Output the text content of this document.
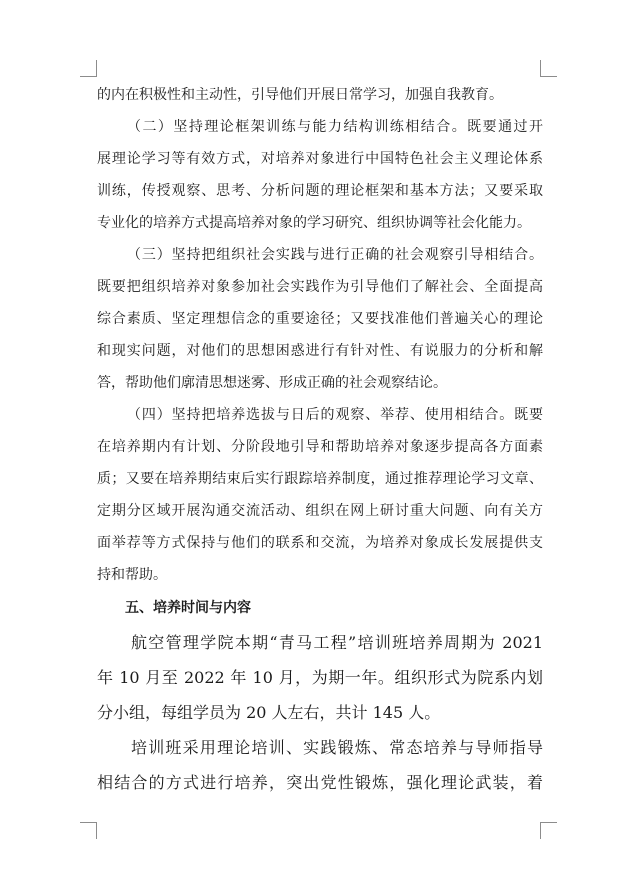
的内在积极性和主动性，引导他们开展日常学习，加强自我教育。
（二）坚持理论框架训练与能力结构训练相结合。既要通过开
展理论学习等有效方式，对培养对象进行中国特色社会主义理论体系
训练，传授观察、思考、分析问题的理论框架和基本方法；又要采取
专业化的培养方式提高培养对象的学习研究、组织协调等社会化能力。
（三）坚持把组织社会实践与进行正确的社会观察引导相结合。
既要把组织培养对象参加社会实践作为引导他们了解社会、全面提高
综合素质、坚定理想信念的重要途径；又要找准他们普遍关心的理论
和现实问题，对他们的思想困惑进行有针对性、有说服力的分析和解
答，帮助他们廓清思想迷雾、形成正确的社会观察结论。
（四）坚持把培养选拔与日后的观察、举荐、使用相结合。既要
在培养期内有计划、分阶段地引导和帮助培养对象逐步提高各方面素
质；又要在培养期结束后实行跟踪培养制度，通过推荐理论学习文章、
定期分区域开展沟通交流活动、组织在网上研讨重大问题、向有关方
面举荐等方式保持与他们的联系和交流，为培养对象成长发展提供支
持和帮助。
五、培养时间与内容
航空管理学院本期“青马工程”培训班培养周期为 2021
年 10 月至 2022 年 10 月，为期一年。组织形式为院系内划
分小组，每组学员为 20 人左右，共计 145 人。
培训班采用理论培训、实践锻炼、常态培养与导师指导
相结合的方式进行培养，突出党性锻炼，强化理论武装，着
